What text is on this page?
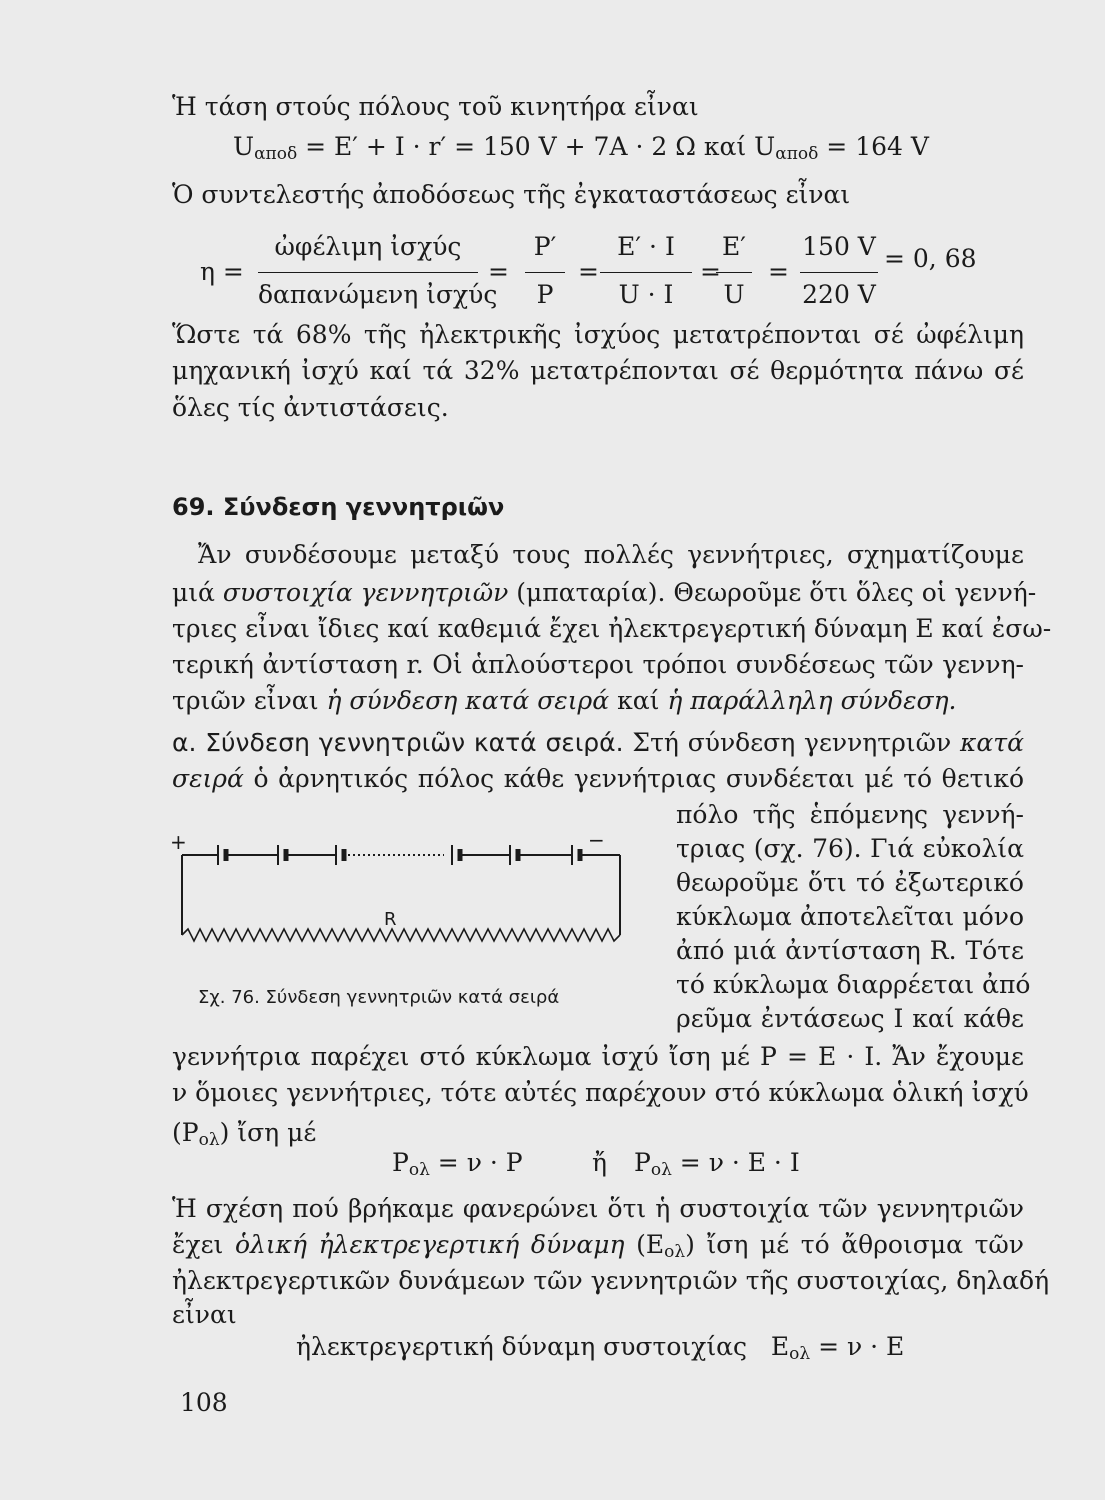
Ἡ τάση στούς πόλους τοῦ κινητήρα εἶναι
$U_{\alpha\pi o\delta} = E' + I \cdot r' = 150$ V + 7A · 2 Ω καί $U_{\alpha\pi o\delta} = 164$ V
Ὁ συντελεστής ἀποδόσεως τῆς ἐγκαταστάσεως εἶναι
η =
ὠφέλιμη ἰσχύς
δαπανώμενη ἰσχύς
=
P′
P
=
E′ · I
U · I
=
E′
U
=
150 V
220 V
= 0, 68
Ὥστε τά 68% τῆς ἠλεκτρικῆς ἰσχύος μετατρέπονται σέ ὠφέλιμη
μηχανική ἰσχύ καί τά 32% μετατρέπονται σέ θερμότητα πάνω σέ
ὅλες τίς ἀντιστάσεις.
69. Σύνδεση γεννητριῶν
Ἄν συνδέσουμε μεταξύ τους πολλές γεννήτριες, σχηματίζουμε
μιά συστοιχία γεννητριῶν (μπαταρία). Θεωροῦμε ὅτι ὅλες οἱ γεννή-
τριες εἶναι ἴδιες καί καθεμιά ἔχει ἠλεκτρεγερτική δύναμη E καί ἐσω-
τερική ἀντίσταση r. Οἱ ἁπλούστεροι τρόποι συνδέσεως τῶν γεννη-
τριῶν εἶναι ἡ σύνδεση κατά σειρά καί ἡ παράλληλη σύνδεση.
α. Σύνδεση γεννητριῶν κατά σειρά. Στή σύνδεση γεννητριῶν κατά
σειρά ὁ ἀρνητικός πόλος κάθε γεννήτριας συνδέεται μέ τό θετικό
πόλο τῆς ἑπόμενης γεννή-
τριας (σχ. 76). Γιά εὐκολία
θεωροῦμε ὅτι τό ἐξωτερικό
κύκλωμα ἀποτελεῖται μόνο
ἀπό μιά ἀντίσταση R. Τότε
τό κύκλωμα διαρρέεται ἀπό
ρεῦμα ἐντάσεως I καί κάθε
+	−
R
Σχ. 76. Σύνδεση γεννητριῶν κατά σειρά
γεννήτρια παρέχει στό κύκλωμα ἰσχύ ἴση μέ P = E · I. Ἄν ἔχουμε
ν ὅμοιες γεννήτριες, τότε αὐτές παρέχουν στό κύκλωμα ὁλική ἰσχύ
$(P_{o\lambda})$ ἴση μέ
$P_{o\lambda} = \nu \cdot P$	ἤ $P_{o\lambda} = \nu \cdot E \cdot I$
Ἡ σχέση πού βρήκαμε φανερώνει ὅτι ἡ συστοιχία τῶν γεννητριῶν
ἔχει ὁλική ἠλεκτρεγερτική δύναμη $(E_{o\lambda})$ ἴση μέ τό ἄθροισμα τῶν
ἠλεκτρεγερτικῶν δυνάμεων τῶν γεννητριῶν τῆς συστοιχίας, δηλαδή
εἶναι
ἠλεκτρεγερτική δύναμη συστοιχίας $E_{o\lambda} = \nu \cdot E$
108
